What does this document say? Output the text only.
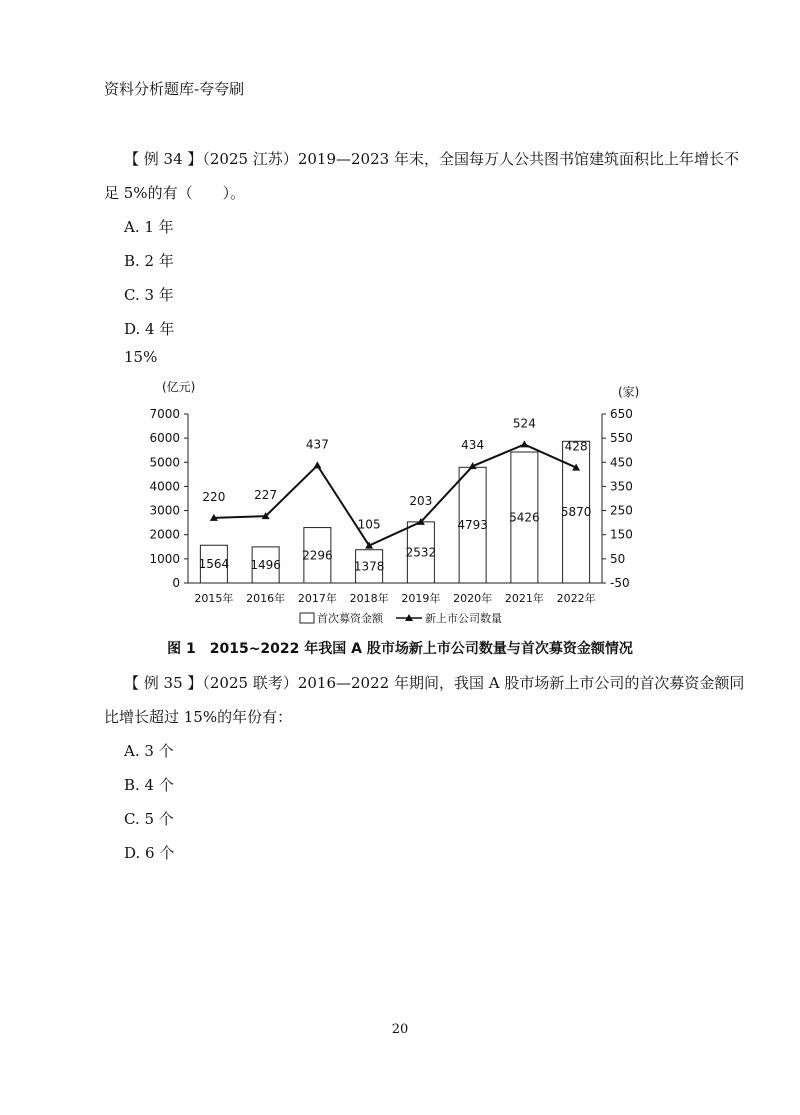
资料分析题库-夸夸刷
【 例 34 】（2025 江苏）2019—2023 年末，全国每万人公共图书馆建筑面积比上年增长不
足 5%的有（　　）。
A. 1 年
B. 2 年
C. 3 年
D. 4 年
15%
(亿元)	(家)
0
1000
2000
3000
4000
5000
6000
7000
-50
50
150
250
350
450
550
650
1564 1496
2296
1378
2532
4793
5426 5870
2015年 2016年 2017年 2018年 2019年 2020年 2021年 2022年
220 227
437
105
203
434
524
428
首次募资金额	新上市公司数量
图 1　2015~2022 年我国 A 股市场新上市公司数量与首次募资金额情况
【 例 35 】（2025 联考）2016—2022 年期间，我国 A 股市场新上市公司的首次募资金额同
比增长超过 15%的年份有：
A. 3 个
B. 4 个
C. 5 个
D. 6 个
20
